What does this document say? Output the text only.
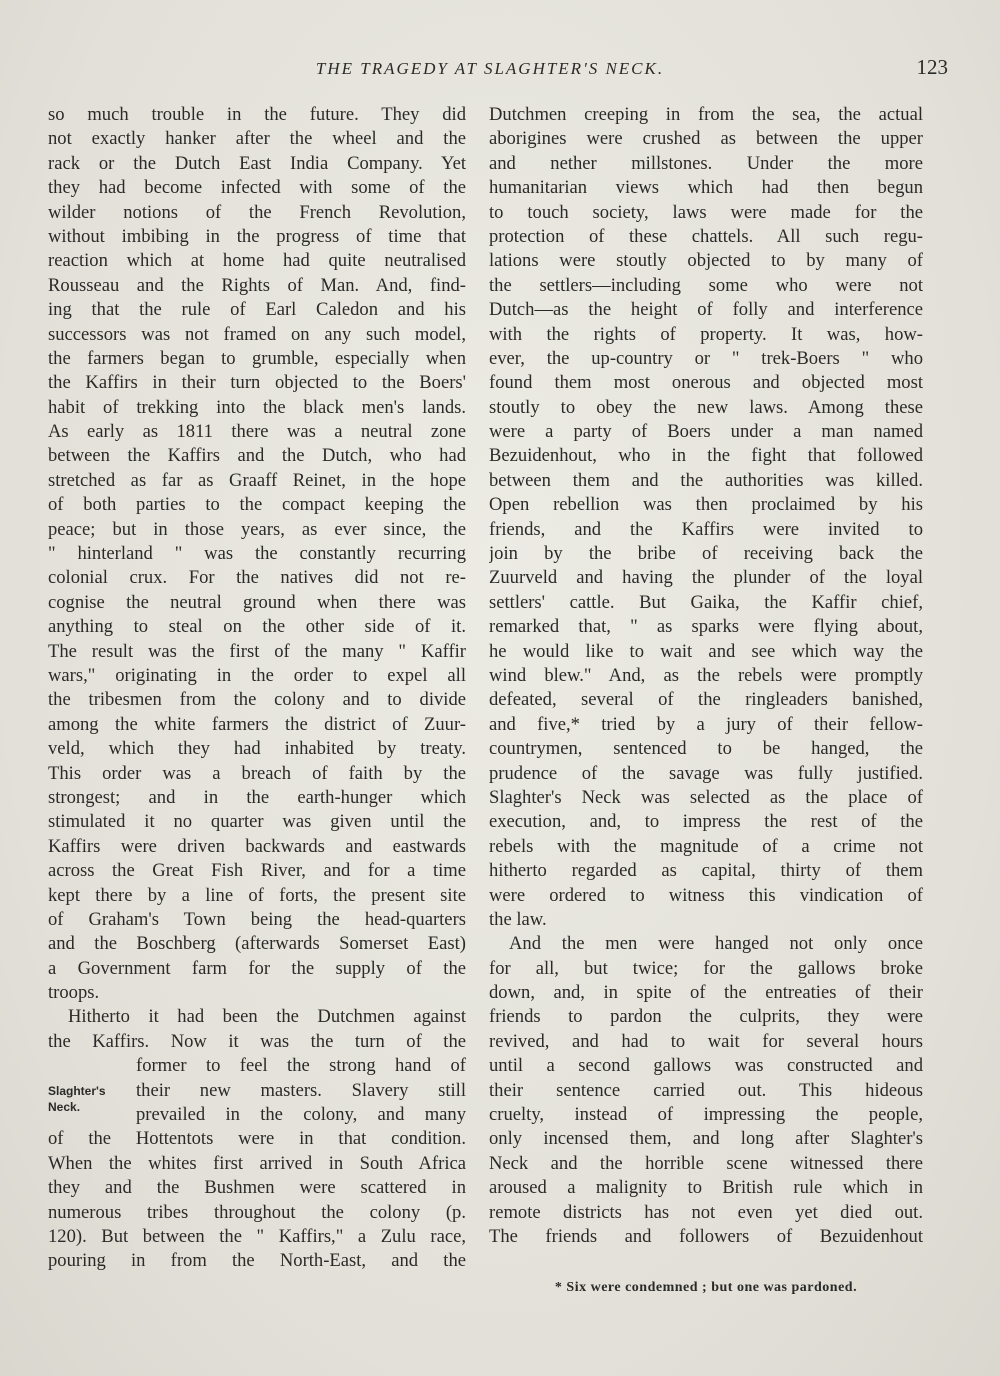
THE TRAGEDY AT SLAGHTER'S NECK.	123
so much trouble in the future. They did
not exactly hanker after the wheel and the
rack or the Dutch East India Company. Yet
they had become infected with some of the
wilder notions of the French Revolution,
without imbibing in the progress of time that
reaction which at home had quite neutralised
Rousseau and the Rights of Man. And, find-
ing that the rule of Earl Caledon and his
successors was not framed on any such model,
the farmers began to grumble, especially when
the Kaffirs in their turn objected to the Boers'
habit of trekking into the black men's lands.
As early as 1811 there was a neutral zone
between the Kaffirs and the Dutch, who had
stretched as far as Graaff Reinet, in the hope
of both parties to the compact keeping the
peace; but in those years, as ever since, the
" hinterland " was the constantly recurring
colonial crux. For the natives did not re-
cognise the neutral ground when there was
anything to steal on the other side of it.
The result was the first of the many " Kaffir
wars," originating in the order to expel all
the tribesmen from the colony and to divide
among the white farmers the district of Zuur-
veld, which they had inhabited by treaty.
This order was a breach of faith by the
strongest; and in the earth-hunger which
stimulated it no quarter was given until the
Kaffirs were driven backwards and eastwards
across the Great Fish River, and for a time
kept there by a line of forts, the present site
of Graham's Town being the head-quarters
and the Boschberg (afterwards Somerset East)
a Government farm for the supply of the
troops.
Hitherto it had been the Dutchmen against
the Kaffirs. Now it was the turn of the
former to feel the strong hand of
their new masters. Slavery still
prevailed in the colony, and many
of the Hottentots were in that condition.
When the whites first arrived in South Africa
they and the Bushmen were scattered in
numerous tribes throughout the colony (p.
120). But between the " Kaffirs," a Zulu race,
pouring in from the North-East, and the
Slaghter's
Neck.
Dutchmen creeping in from the sea, the actual
aborigines were crushed as between the upper
and nether millstones. Under the more
humanitarian views which had then begun
to touch society, laws were made for the
protection of these chattels. All such regu-
lations were stoutly objected to by many of
the settlers—including some who were not
Dutch—as the height of folly and interference
with the rights of property. It was, how-
ever, the up-country or " trek-Boers " who
found them most onerous and objected most
stoutly to obey the new laws. Among these
were a party of Boers under a man named
Bezuidenhout, who in the fight that followed
between them and the authorities was killed.
Open rebellion was then proclaimed by his
friends, and the Kaffirs were invited to
join by the bribe of receiving back the
Zuurveld and having the plunder of the loyal
settlers' cattle. But Gaika, the Kaffir chief,
remarked that, " as sparks were flying about,
he would like to wait and see which way the
wind blew." And, as the rebels were promptly
defeated, several of the ringleaders banished,
and five,* tried by a jury of their fellow-
countrymen, sentenced to be hanged, the
prudence of the savage was fully justified.
Slaghter's Neck was selected as the place of
execution, and, to impress the rest of the
rebels with the magnitude of a crime not
hitherto regarded as capital, thirty of them
were ordered to witness this vindication of
the law.
And the men were hanged not only once
for all, but twice; for the gallows broke
down, and, in spite of the entreaties of their
friends to pardon the culprits, they were
revived, and had to wait for several hours
until a second gallows was constructed and
their sentence carried out. This hideous
cruelty, instead of impressing the people,
only incensed them, and long after Slaghter's
Neck and the horrible scene witnessed there
aroused a malignity to British rule which in
remote districts has not even yet died out.
The friends and followers of Bezuidenhout
* Six were condemned ; but one was pardoned.
